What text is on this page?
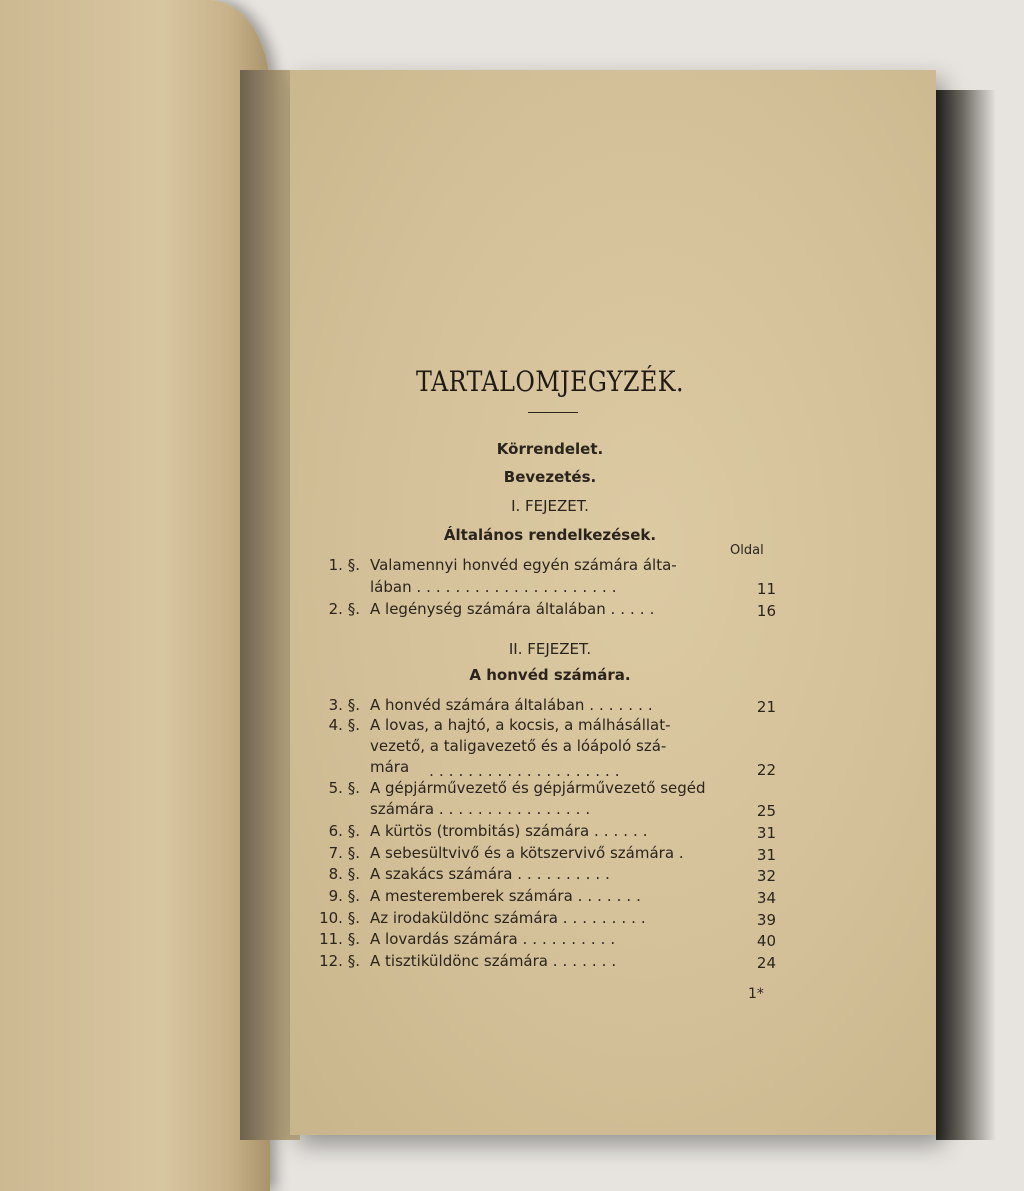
TARTALOMJEGYZÉK.
Körrendelet.
Bevezetés.
I. FEJEZET.
Általános rendelkezések.
Oldal
1. §. Valamennyi honvéd egyén számára álta-
lában .....................	11
2. §. A legénység számára általában .....	16
II. FEJEZET.
A honvéd számára.
3. §. A honvéd számára általában .......	21
4. §. A lovas, a hajtó, a kocsis, a málhásállat-
vezető, a taligavezető és a lóápoló szá-
mára	....................	22
5. §. A gépjárművezető és gépjárművezető segéd
számára ................	25
6. §. A kürtös (trombitás) számára ......	31
7. §. A sebesültvivő és a kötszervivő számára .	31
8. §. A szakács számára ..........	32
9. §. A mesteremberek számára .......	34
10. §. Az irodaküldönc számára .........	39
11. §. A lovardás számára ..........	40
12. §. A tisztiküldönc számára .......	24
1*
